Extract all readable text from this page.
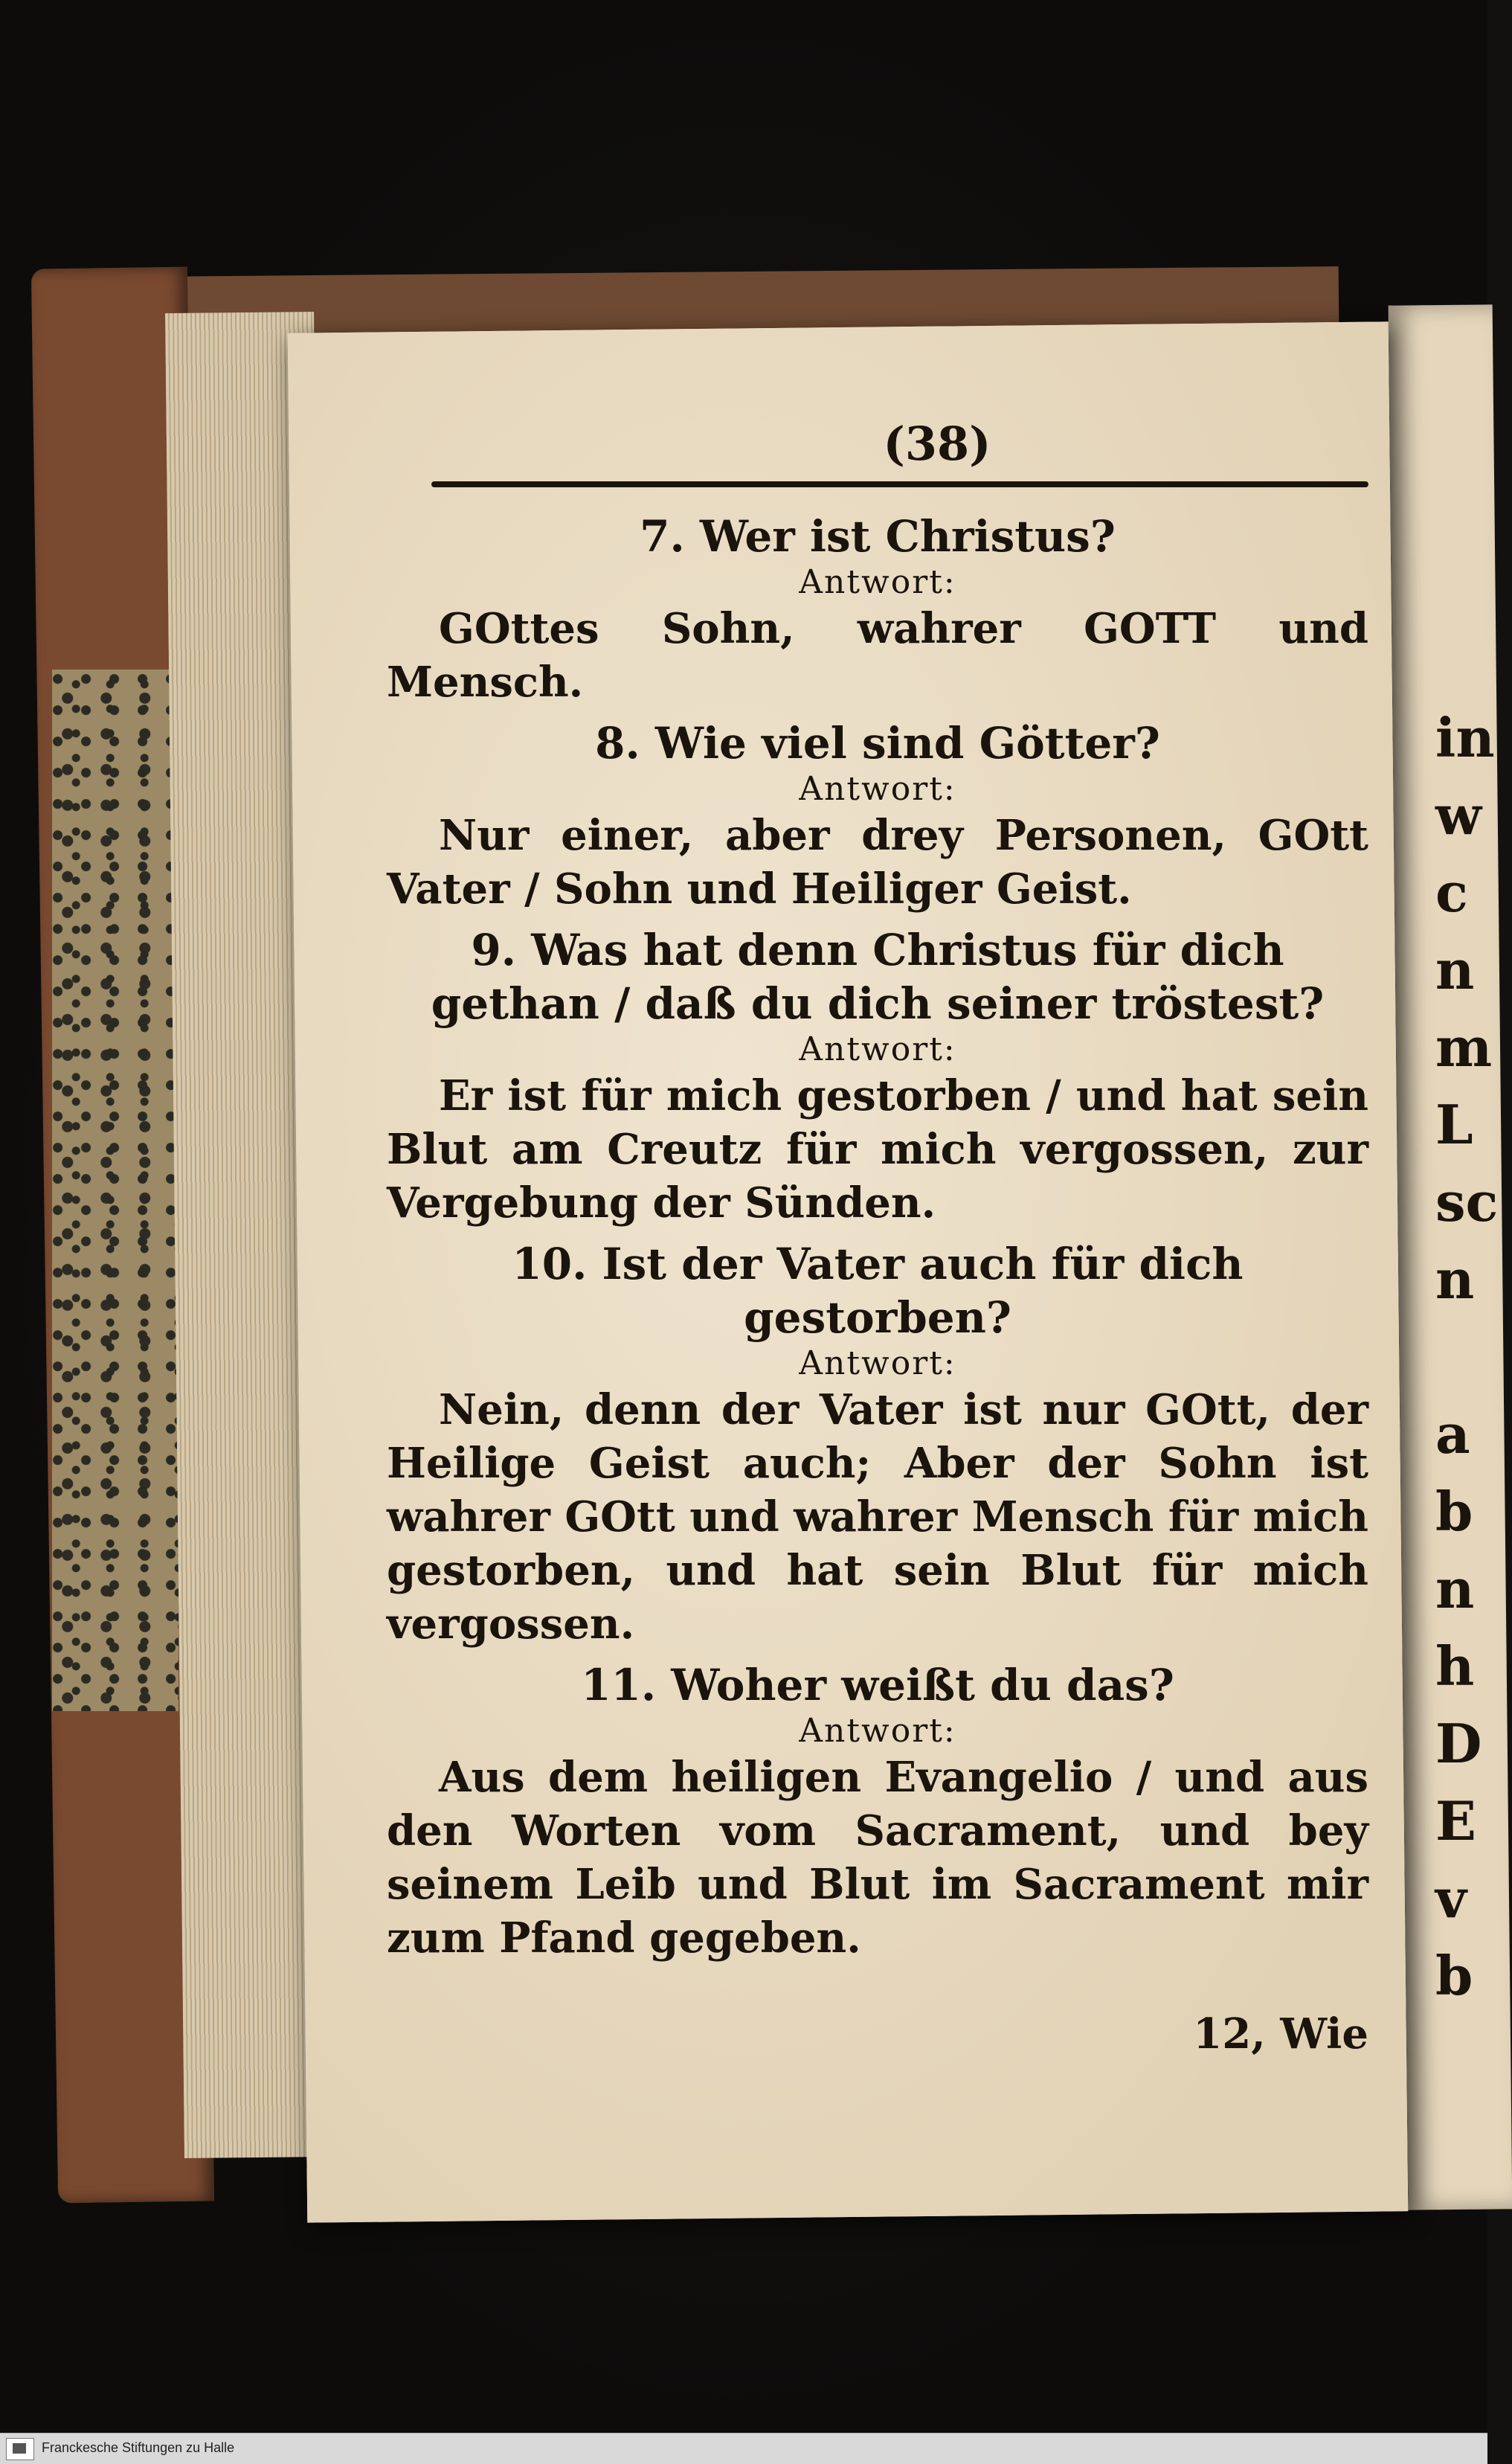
in
w
c
n
m
L
sc
n

a
b
n
h
D
E
v
b
(38)
7. Wer ist Christus?
Antwort:
GOttes Sohn, wahrer GOTT und Mensch.
8. Wie viel sind Götter?
Antwort:
Nur einer, aber drey Personen, GOtt Vater / Sohn und Heiliger Geist.
9. Was hat denn Christus für dich gethan / daß du dich seiner tröstest?
Antwort:
Er ist für mich gestorben / und hat sein Blut am Creutz für mich vergossen, zur Vergebung der Sünden.
10. Ist der Vater auch für dich gestorben?
Antwort:
Nein, denn der Vater ist nur GOtt, der Heilige Geist auch; Aber der Sohn ist wahrer GOtt und wahrer Mensch für mich gestorben, und hat sein Blut für mich vergossen.
11. Woher weißt du das?
Antwort:
Aus dem heiligen Evangelio / und aus den Worten vom Sacrament, und bey seinem Leib und Blut im Sacrament mir zum Pfand gegeben.
12, Wie
Franckesche Stiftungen zu Halle
